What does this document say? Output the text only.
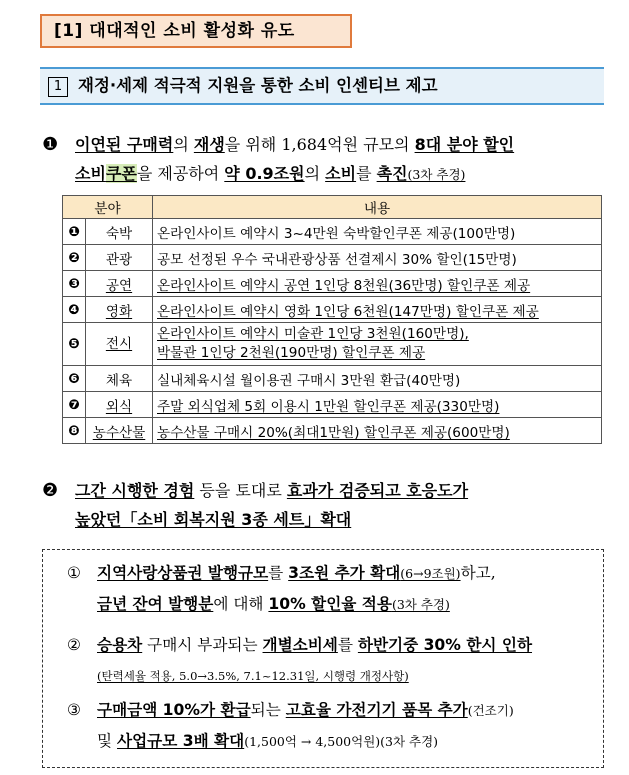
[1] 대대적인 소비 활성화 유도
1 재정·세제 적극적 지원을 통한 소비 인센티브 제고
❶ 이연된 구매력의 재생을 위해 1,684억원 규모의 8대 분야 할인
소비쿠폰을 제공하여 약 0.9조원의 소비를 촉진(3차 추경)
분야		내용
❶	숙박	온라인사이트 예약시 3~4만원 숙박할인쿠폰 제공(100만명)
❷	관광	공모 선정된 우수 국내관광상품 선결제시 30% 할인(15만명)
❸	공연	온라인사이트 예약시 공연 1인당 8천원(36만명) 할인쿠폰 제공
❹	영화	온라인사이트 예약시 영화 1인당 6천원(147만명) 할인쿠폰 제공
❺	전시	온라인사이트 예약시 미술관 1인당 3천원(160만명),
박물관 1인당 2천원(190만명) 할인쿠폰 제공
❻	체육	실내체육시설 월이용권 구매시 3만원 환급(40만명)
❼	외식	주말 외식업체 5회 이용시 1만원 할인쿠폰 제공(330만명)
❽	농수산물	농수산물 구매시 20%(최대1만원) 할인쿠폰 제공(600만명)
❷ 그간 시행한 경험 등을 토대로 효과가 검증되고 호응도가
높았던「소비 회복지원 3종 세트」확대
① 지역사랑상품권 발행규모를 3조원 추가 확대(6→9조원)하고,
금년 잔여 발행분에 대해 10% 할인율 적용(3차 추경)
② 승용차 구매시 부과되는 개별소비세를 하반기중 30% 한시 인하
(탄력세율 적용, 5.0→3.5%, 7.1~12.31일, 시행령 개정사항)
③ 구매금액 10%가 환급되는 고효율 가전기기 품목 추가(건조기)
및 사업규모 3배 확대(1,500억 → 4,500억원)(3차 추경)
